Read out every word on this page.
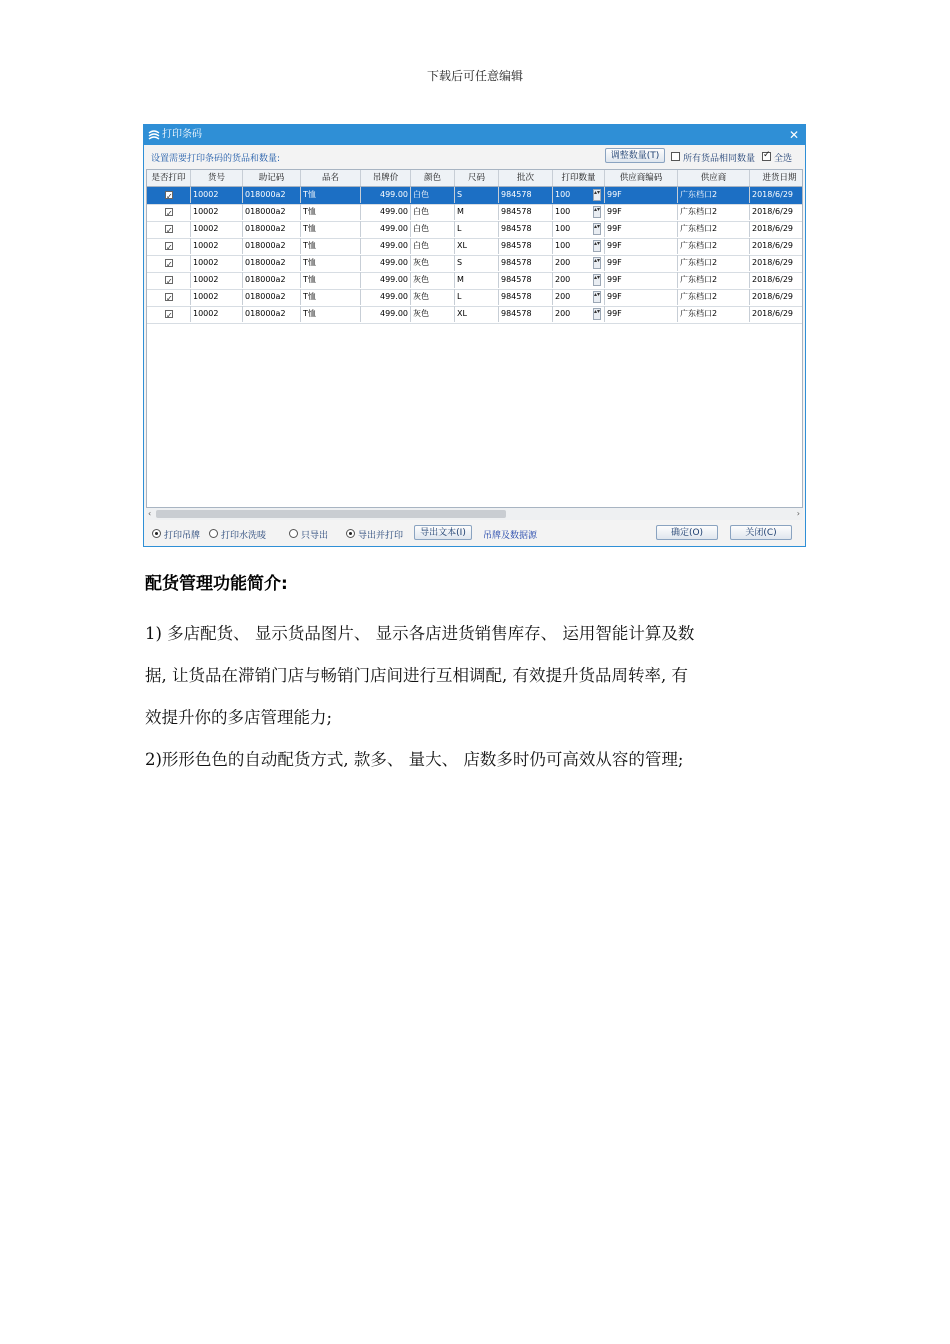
下载后可任意编辑
打印条码	✕
设置需要打印条码的货品和数量:	调整数量(T)	所有货品相同数量
✓ 全选
是否打印	货号	助记码	品名	吊牌价	颜色	尺码	批次	打印数量	供应商编码	供应商	进货日期
✓
10002	018000a2	T恤	499.00 白色	S	984578	100	▴▾ 99F	广东档口2	2018/6/29
✓
10002	018000a2	T恤	499.00 白色	M	984578	100	▴▾ 99F	广东档口2	2018/6/29
✓
10002	018000a2	T恤	499.00 白色	L	984578	100	▴▾ 99F	广东档口2	2018/6/29
✓
10002	018000a2	T恤	499.00 白色	XL	984578	100	▴▾ 99F	广东档口2	2018/6/29
✓
10002	018000a2	T恤	499.00 灰色	S	984578	200	▴▾ 99F	广东档口2	2018/6/29
✓
10002	018000a2	T恤	499.00 灰色	M	984578	200	▴▾ 99F	广东档口2	2018/6/29
✓
10002	018000a2	T恤	499.00 灰色	L	984578	200	▴▾ 99F	广东档口2	2018/6/29
✓
10002	018000a2	T恤	499.00 灰色	XL	984578	200	▴▾ 99F	广东档口2	2018/6/29
‹	›
打印吊牌 打印水洗唛	只导出	导出并打印	导出文本(I)	吊牌及数据源	确定(O)	关闭(C)
配货管理功能简介:
1) 多店配货、 显示货品图片、 显示各店进货销售库存、 运用智能计算及数
据, 让货品在滞销门店与畅销门店间进行互相调配, 有效提升货品周转率, 有
效提升你的多店管理能力;
2)形形色色的自动配货方式, 款多、 量大、 店数多时仍可高效从容的管理;
